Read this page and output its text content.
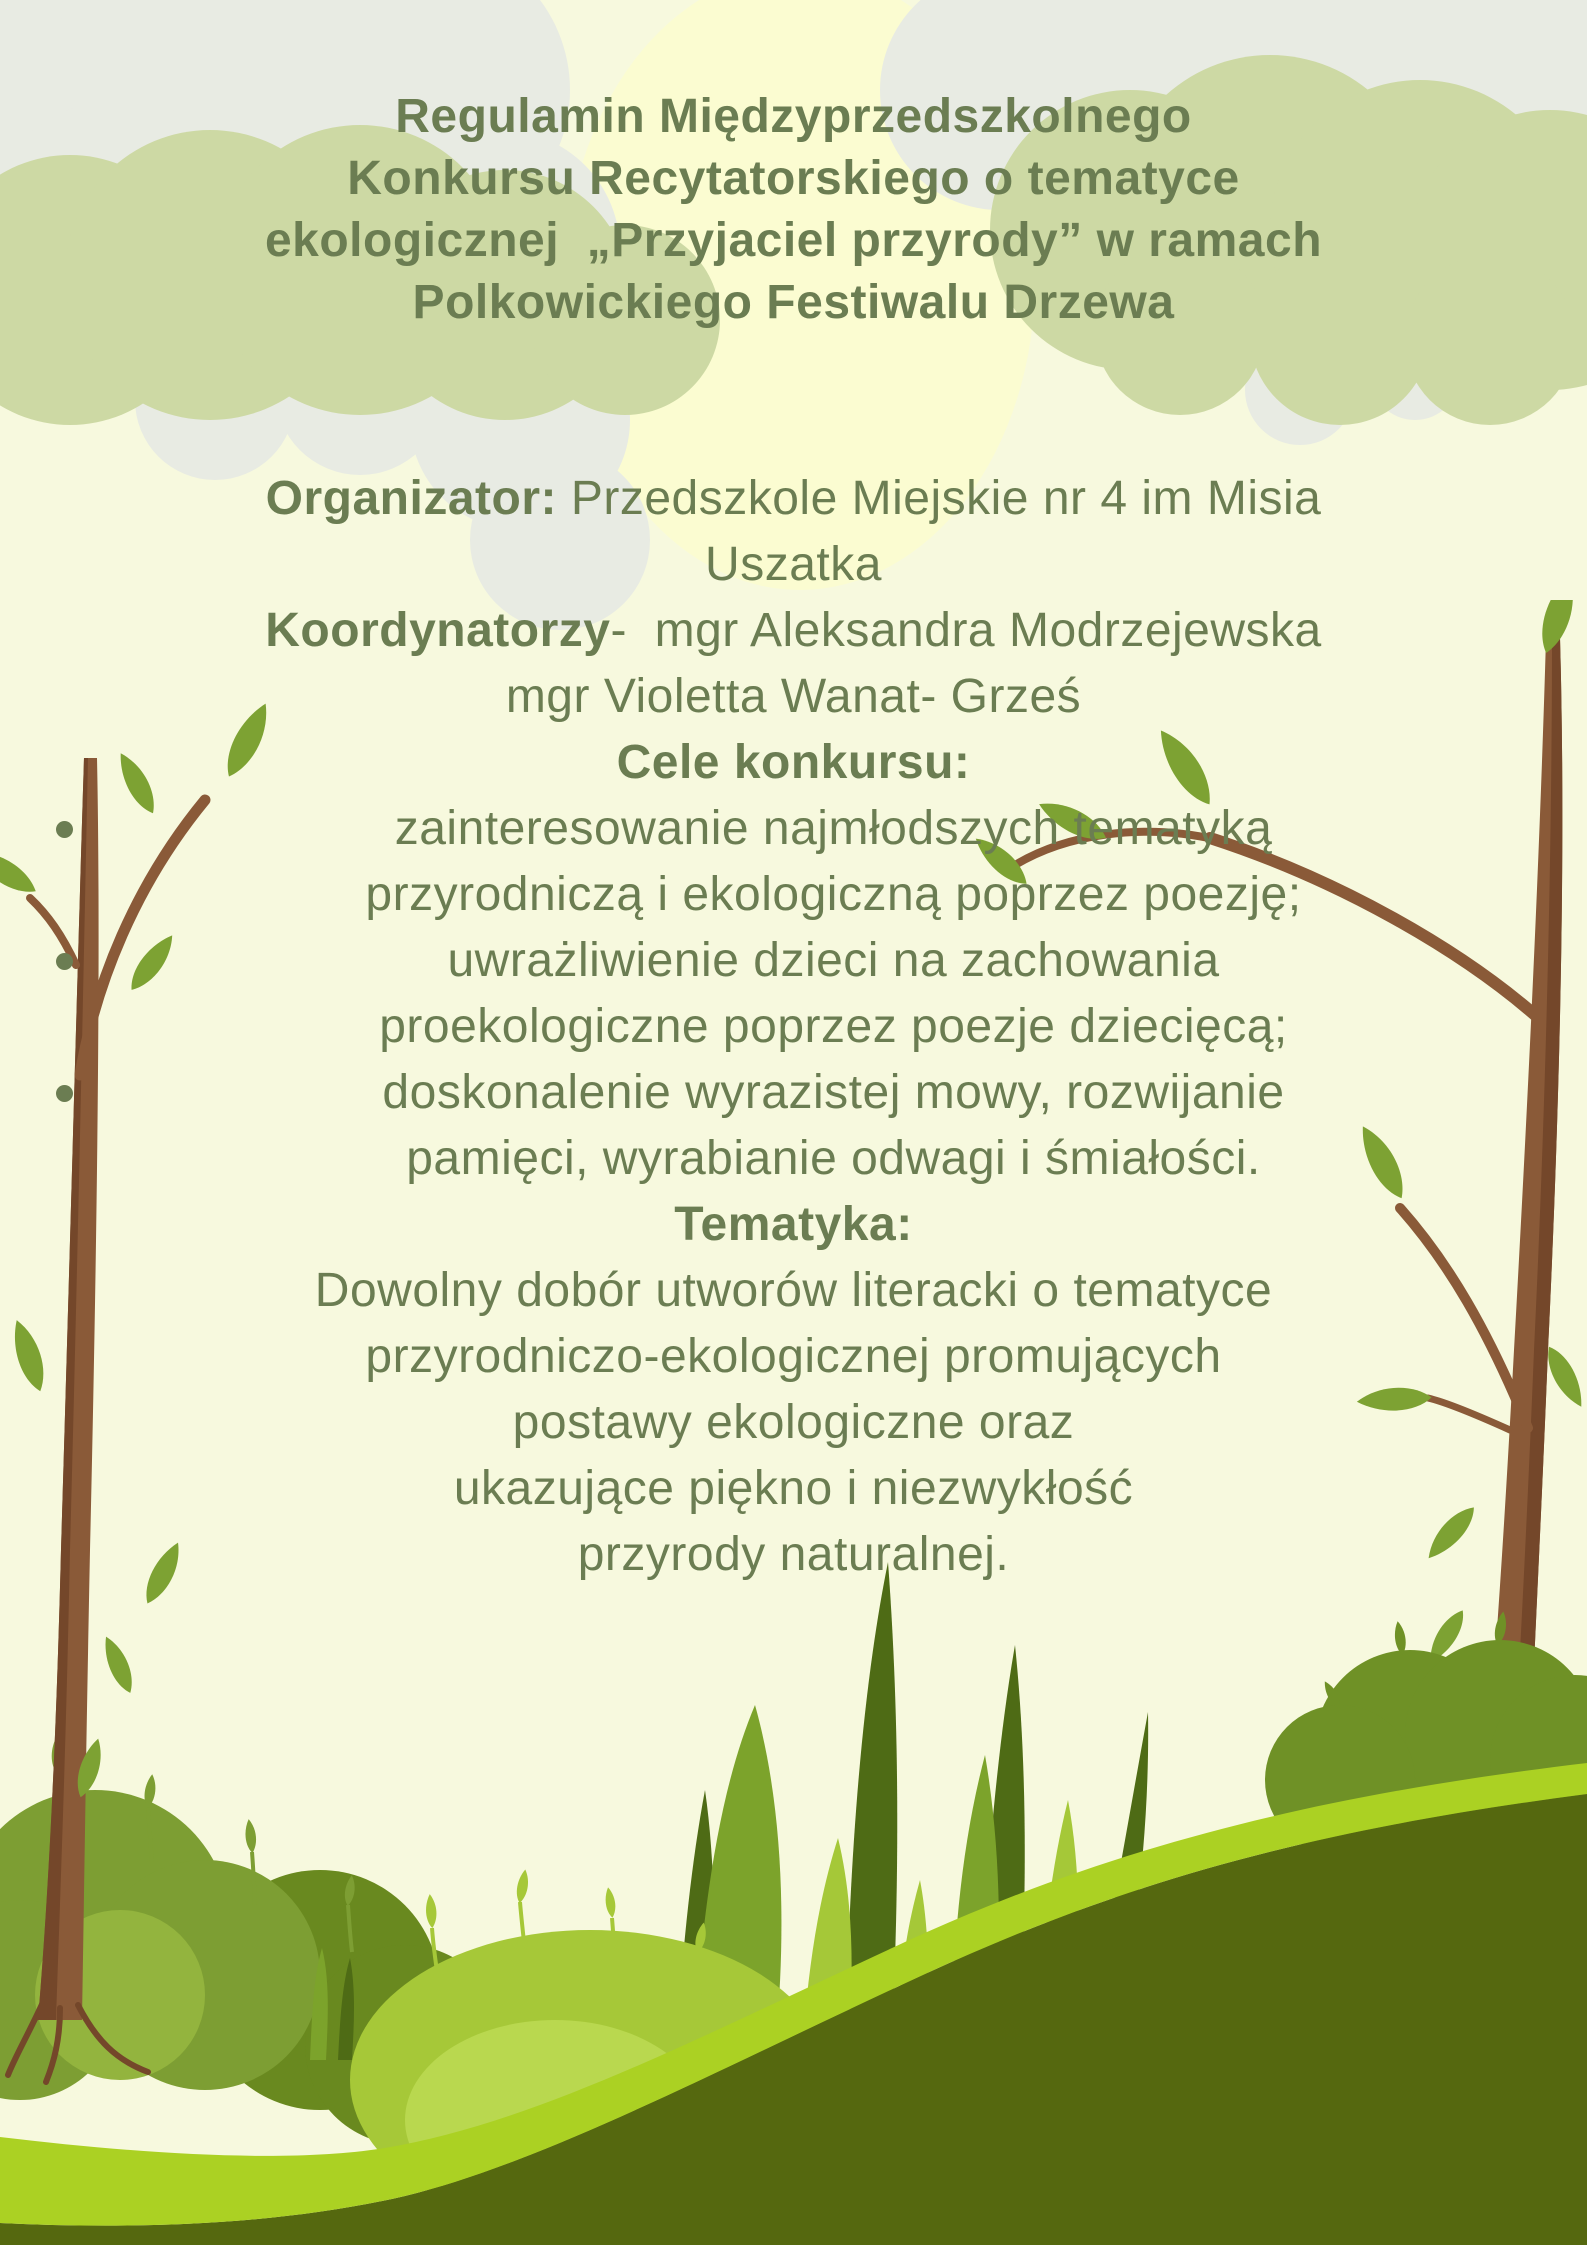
Regulamin Międzyprzedszkolnego
Konkursu Recytatorskiego o tematyce
ekologicznej  „Przyjaciel przyrody” w ramach
Polkowickiego Festiwalu Drzewa
Organizator: Przedszkole Miejskie nr 4 im Misia
Uszatka
Koordynatorzy-  mgr Aleksandra Modrzejewska
mgr Violetta Wanat- Grześ
Cele konkursu:
zainteresowanie najmłodszych tematyką
przyrodniczą i ekologiczną poprzez poezję;
uwrażliwienie dzieci na zachowania
proekologiczne poprzez poezje dziecięcą;
doskonalenie wyrazistej mowy, rozwijanie
pamięci, wyrabianie odwagi i śmiałości.
Tematyka:
Dowolny dobór utworów literacki o tematyce
przyrodniczo-ekologicznej promujących
postawy ekologiczne oraz
ukazujące piękno i niezwykłość
przyrody naturalnej.
